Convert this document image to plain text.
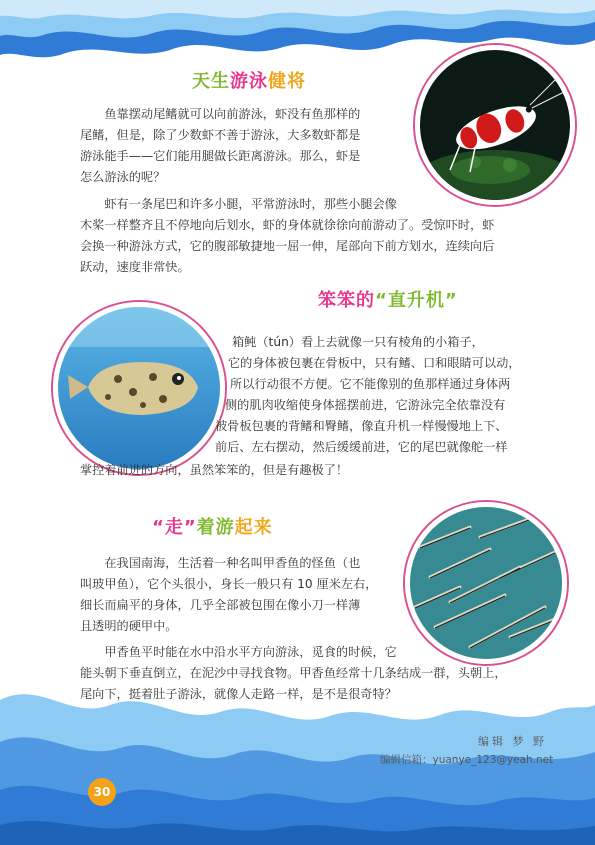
天生游泳健将
　　鱼靠摆动尾鳍就可以向前游泳，虾没有鱼那样的
尾鳍，但是，除了少数虾不善于游泳，大多数虾都是
游泳能手——它们能用腿做长距离游泳。那么，虾是
怎么游泳的呢？
　　虾有一条尾巴和许多小腿，平常游泳时，那些小腿会像
木桨一样整齐且不停地向后划水，虾的身体就徐徐向前游动了。受惊吓时，虾
会换一种游泳方式，它的腹部敏捷地一屈一伸，尾部向下前方划水，连续向后
跃动，速度非常快。
笨笨的“直升机”
箱鲀（tún）看上去就像一只有棱角的小箱子，
它的身体被包裹在骨板中，只有鳍、口和眼睛可以动，
所以行动很不方便。它不能像别的鱼那样通过身体两
侧的肌肉收缩使身体摇摆前进，它游泳完全依靠没有
被骨板包裹的背鳍和臀鳍，像直升机一样慢慢地上下、
前后、左右摆动，然后缓缓前进，它的尾巴就像舵一样
掌控着前进的方向，虽然笨笨的，但是有趣极了！
“走”着游起来
　　在我国南海，生活着一种名叫甲香鱼的怪鱼（也
叫玻甲鱼），它个头很小，身长一般只有 10 厘米左右，
细长而扁平的身体，几乎全部被包围在像小刀一样薄
且透明的硬甲中。
　　甲香鱼平时能在水中沿水平方向游泳，觅食的时候，它
能头朝下垂直倒立，在泥沙中寻找食物。甲香鱼经常十几条结成一群，头朝上，
尾向下，挺着肚子游泳，就像人走路一样，是不是很奇特？
编辑 梦 野
编辑信箱：yuanye_123@yeah.net
30
